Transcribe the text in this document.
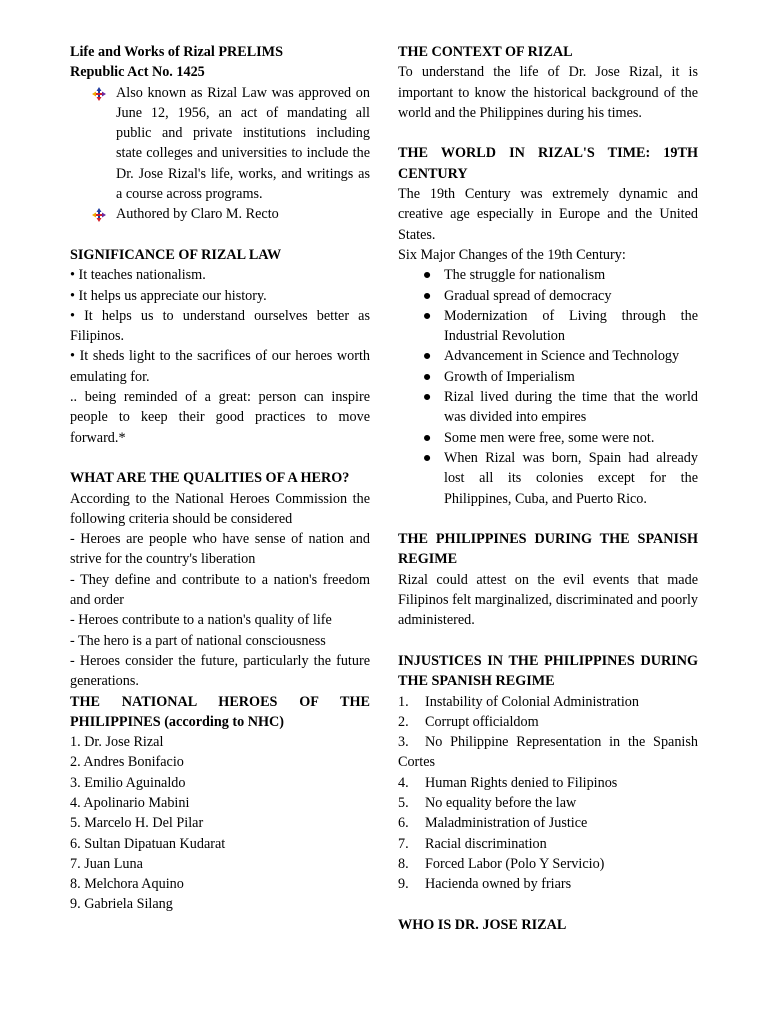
Life and Works of Rizal PRELIMS
Republic Act No. 1425
Also known as Rizal Law was approved on June 12, 1956, an act of mandating all public and private institutions including state colleges and universities to include the Dr. Jose Rizal's life, works, and writings as a course across programs.
Authored by Claro M. Recto
SIGNIFICANCE OF RIZAL LAW
• It teaches nationalism.
• It helps us appreciate our history.
• It helps us to understand ourselves better as Filipinos.
• It sheds light to the sacrifices of our heroes worth emulating for.
.. being reminded of a great: person can inspire people to keep their good practices to move forward.*
WHAT ARE THE QUALITIES OF A HERO?
According to the National Heroes Commission the following criteria should be considered
- Heroes are people who have sense of nation and strive for the country's liberation
- They define and contribute to a nation's freedom and order
- Heroes contribute to a nation's quality of life
- The hero is a part of national consciousness
- Heroes consider the future, particularly the future generations.
THE NATIONAL HEROES OF THE
PHILIPPINES (according to NHC)
1. Dr. Jose Rizal
2. Andres Bonifacio
3. Emilio Aguinaldo
4. Apolinario Mabini
5. Marcelo H. Del Pilar
6. Sultan Dipatuan Kudarat
7. Juan Luna
8. Melchora Aquino
9. Gabriela Silang
THE CONTEXT OF RIZAL
To understand the life of Dr. Jose Rizal, it is important to know the historical background of the world and the Philippines during his times.
THE WORLD IN RIZAL'S TIME: 19TH CENTURY
The 19th Century was extremely dynamic and creative age especially in Europe and the United States.
Six Major Changes of the 19th Century:
● The struggle for nationalism
● Gradual spread of democracy
● Modernization of Living through the Industrial Revolution
● Advancement in Science and Technology
● Growth of Imperialism
● Rizal lived during the time that the world was divided into empires
● Some men were free, some were not.
● When Rizal was born, Spain had already lost all its colonies except for the Philippines, Cuba, and Puerto Rico.
THE PHILIPPINES DURING THE SPANISH REGIME
Rizal could attest on the evil events that made Filipinos felt marginalized, discriminated and poorly administered.
INJUSTICES IN THE PHILIPPINES DURING THE SPANISH REGIME
1. Instability of Colonial Administration
2. Corrupt officialdom
3. No Philippine Representation in the Spanish Cortes
4. Human Rights denied to Filipinos
5. No equality before the law
6. Maladministration of Justice
7. Racial discrimination
8. Forced Labor (Polo Y Servicio)
9. Hacienda owned by friars
WHO IS DR. JOSE RIZAL
